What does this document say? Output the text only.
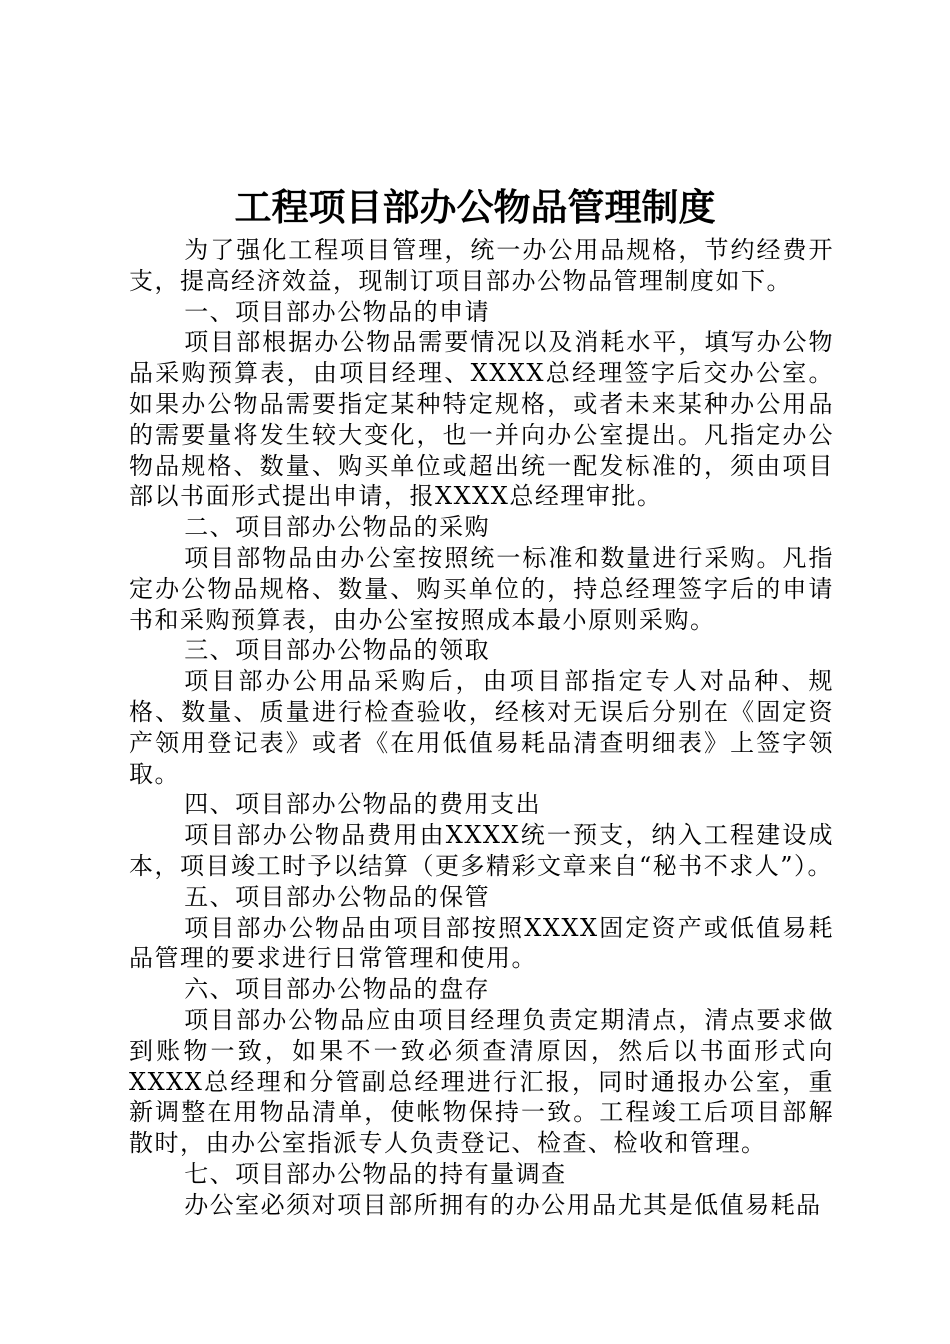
工程项目部办公物品管理制度

为了强化工程项目管理，统一办公用品规格，节约经费开支，提高经济效益，现制订项目部办公物品管理制度如下。

一、项目部办公物品的申请

项目部根据办公物品需要情况以及消耗水平，填写办公物品采购预算表，由项目经理、XXXX总经理签字后交办公室。如果办公物品需要指定某种特定规格，或者未来某种办公用品的需要量将发生较大变化，也一并向办公室提出。凡指定办公物品规格、数量、购买单位或超出统一配发标准的，须由项目部以书面形式提出申请，报XXXX总经理审批。

二、项目部办公物品的采购

项目部物品由办公室按照统一标准和数量进行采购。凡指定办公物品规格、数量、购买单位的，持总经理签字后的申请书和采购预算表，由办公室按照成本最小原则采购。

三、项目部办公物品的领取

项目部办公用品采购后，由项目部指定专人对品种、规格、数量、质量进行检查验收，经核对无误后分别在《固定资产领用登记表》或者《在用低值易耗品清查明细表》上签字领取。

四、项目部办公物品的费用支出

项目部办公物品费用由XXXX统一预支，纳入工程建设成本，项目竣工时予以结算（更多精彩文章来自“秘书不求人”）。

五、项目部办公物品的保管

项目部办公物品由项目部按照XXXX固定资产或低值易耗品管理的要求进行日常管理和使用。

六、项目部办公物品的盘存

项目部办公物品应由项目经理负责定期清点，清点要求做到账物一致，如果不一致必须查清原因，然后以书面形式向XXXX总经理和分管副总经理进行汇报，同时通报办公室，重新调整在用物品清单，使帐物保持一致。工程竣工后项目部解散时，由办公室指派专人负责登记、检查、检收和管理。

七、项目部办公物品的持有量调查

办公室必须对项目部所拥有的办公用品尤其是低值易耗品
